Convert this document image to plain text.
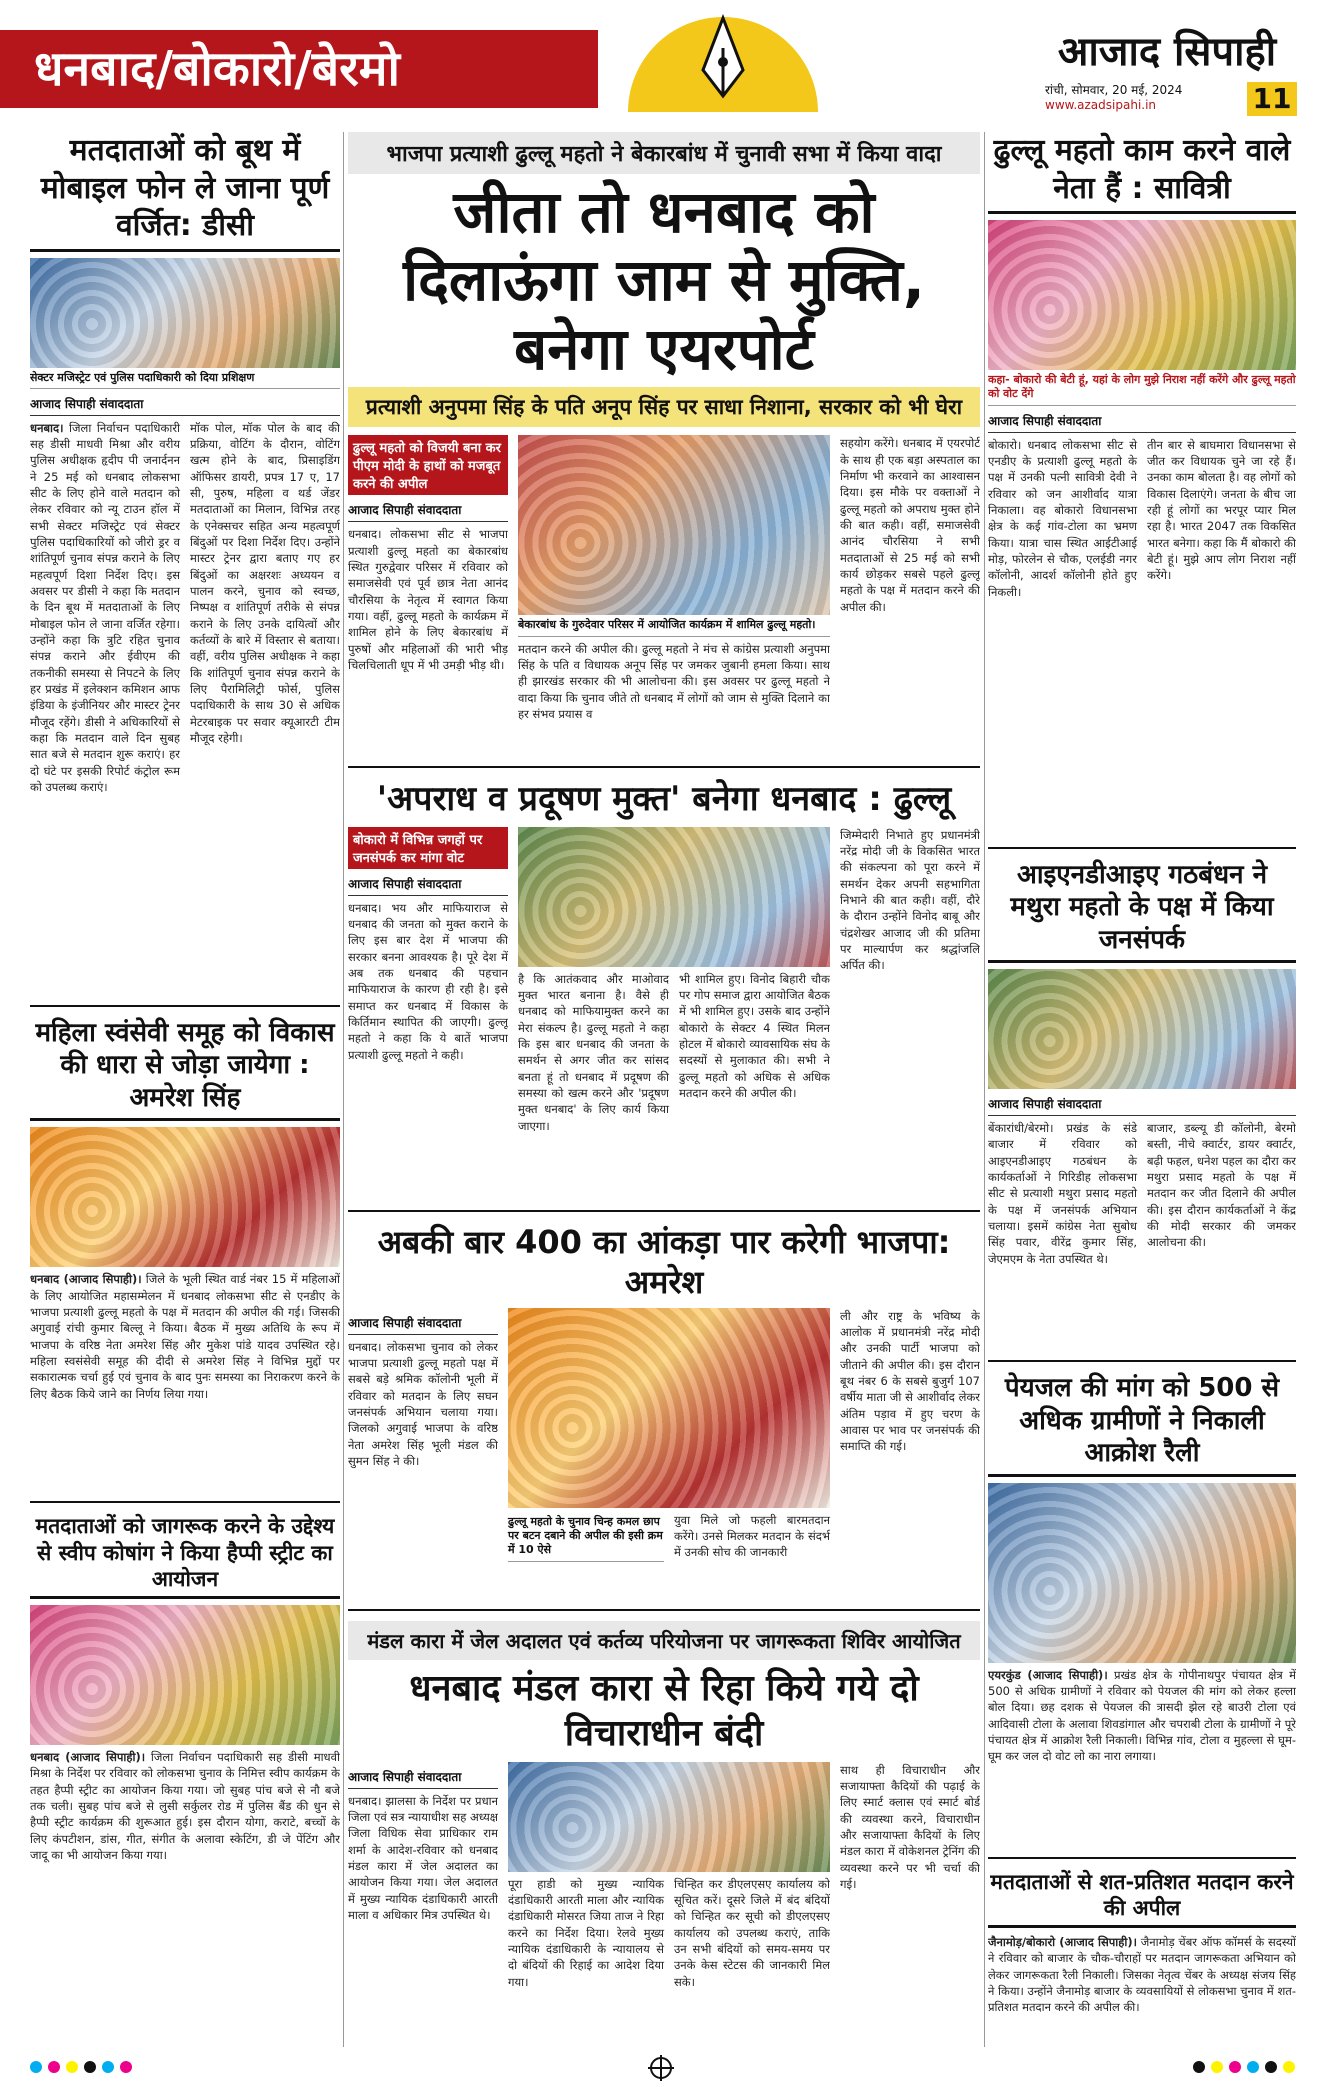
धनबाद/बोकारो/बेरमो	आजाद सिपाही
रांची, सोमवार, 20 मई, 2024
www.azadsipahi.in	11
मतदाताओं को बूथ में मोबाइल फोन ले जाना पूर्ण वर्जित: डीसी
सेक्टर मजिस्ट्रेट एवं पुलिस पदाधिकारी को दिया प्रशिक्षण
आजाद सिपाही संवाददाता
धनबाद। जिला निर्वाचन पदाधिकारी सह डीसी माधवी मिश्रा और वरीय पुलिस अधीक्षक हृदीप पी जनार्दनन ने 25 मई को धनबाद लोकसभा सीट के लिए होने वाले मतदान को लेकर रविवार को न्यू टाउन हॉल में सभी सेक्टर मजिस्ट्रेट एवं सेक्टर पुलिस पदाधिकारियों को जीरो ड्रर व शांतिपूर्ण चुनाव संपन्न कराने के लिए महत्वपूर्ण दिशा निर्देश दिए। इस अवसर पर डीसी ने कहा कि मतदान के दिन बूथ में मतदाताओं के लिए मोबाइल फोन ले जाना वर्जित रहेगा। उन्होंने कहा कि त्रुटि रहित चुनाव संपन्न कराने और ईवीएम की तकनीकी समस्या से निपटने के लिए हर प्रखंड में इलेक्शन कमिशन आफ इंडिया के इंजीनियर और मास्टर ट्रेनर मौजूद रहेंगे। डीसी ने अधिकारियों से कहा कि मतदान वाले दिन सुबह सात बजे से मतदान शुरू कराएं। हर दो घंटे पर इसकी रिपोर्ट कंट्रोल रूम को उपलब्ध कराएं।
मॉक पोल, मॉक पोल के बाद की प्रक्रिया, वोटिंग के दौरान, वोटिंग खत्म होने के बाद, प्रिसाइडिंग ऑफिसर डायरी, प्रपत्र 17 ए, 17 सी, पुरुष, महिला व थर्ड जेंडर मतदाताओं का मिलान, विभिन्न तरह के एनेक्सचर सहित अन्य महत्वपूर्ण बिंदुओं पर दिशा निर्देश दिए। उन्होंने मास्टर ट्रेनर द्वारा बताए गए हर बिंदुओं का अक्षरशः अध्ययन व पालन करने, चुनाव को स्वच्छ, निष्पक्ष व शांतिपूर्ण तरीके से संपन्न कराने के लिए उनके दायित्वों और कर्तव्यों के बारे में विस्तार से बताया। वहीं, वरीय पुलिस अधीक्षक ने कहा कि शांतिपूर्ण चुनाव संपन्न कराने के लिए पैरामिलिट्री फोर्स, पुलिस पदाधिकारी के साथ 30 से अधिक मेटरबाइक पर सवार क्यूआरटी टीम मौजूद रहेगी।
महिला स्वंसेवी समूह को विकास की धारा से जोड़ा जायेगा : अमरेश सिंह
धनबाद (आजाद सिपाही)। जिले के भूली स्थित वार्ड नंबर 15 में महिलाओं के लिए आयोजित महासम्मेलन में धनबाद लोकसभा सीट से एनडीए के भाजपा प्रत्याशी ढुल्लू महतो के पक्ष में मतदान की अपील की गई। जिसकी अगुवाई रांची कुमार बिल्लू ने किया। बैठक में मुख्य अतिथि के रूप में भाजपा के वरिष्ठ नेता अमरेश सिंह और मुकेश पांडे यादव उपस्थित रहे। महिला स्वसंसेवी समूह की दीदी से अमरेश सिंह ने विभिन्न मुद्दों पर सकारात्मक चर्चा हुई एवं चुनाव के बाद पुनः समस्या का निराकरण करने के लिए बैठक किये जाने का निर्णय लिया गया।
मतदाताओं को जागरूक करने के उद्देश्य से स्वीप कोषांग ने किया हैप्पी स्ट्रीट का आयोजन
धनबाद (आजाद सिपाही)। जिला निर्वाचन पदाधिकारी सह डीसी माधवी मिश्रा के निर्देश पर रविवार को लोकसभा चुनाव के निमित्त स्वीप कार्यक्रम के तहत हैप्पी स्ट्रीट का आयोजन किया गया। जो सुबह पांच बजे से नौ बजे तक चली। सुबह पांच बजे से लुसी सर्कुलर रोड में पुलिस बैंड की धुन से हैप्पी स्ट्रीट कार्यक्रम की शुरूआत हुई। इस दौरान योगा, कराटे, बच्चों के लिए कंपटीशन, डांस, गीत, संगीत के अलावा स्केटिंग, डी जे पेंटिंग और जादू का भी आयोजन किया गया।
भाजपा प्रत्याशी ढुल्लू महतो ने बेकारबांध में चुनावी सभा में किया वादा
जीता तो धनबाद को दिलाऊंगा जाम से मुक्ति, बनेगा एयरपोर्ट
प्रत्याशी अनुपमा सिंह के पति अनूप सिंह पर साधा निशाना, सरकार को भी घेरा
ढुल्लू महतो को विजयी बना कर पीएम मोदी के हाथों को मजबूत करने की अपील
आजाद सिपाही संवाददाता
धनबाद। लोकसभा सीट से भाजपा प्रत्याशी ढुल्लू महतो का बेकारबांध स्थित गुरुद्वेवार परिसर में रविवार को समाजसेवी एवं पूर्व छात्र नेता आनंद चौरसिया के नेतृत्व में स्वागत किया गया। वहीं, ढुल्लू महतो के कार्यक्रम में शामिल होने के लिए बेकारबांध में पुरुषों और महिलाओं की भारी भीड़ चिलचिलाती धूप में भी उमड़ी भीड़ थी।
बेकारबांध के गुरुदेवार परिसर में आयोजित कार्यक्रम में शामिल ढुल्लू महतो।
मतदान करने की अपील की। ढुल्लू महतो ने मंच से कांग्रेस प्रत्याशी अनुपमा सिंह के पति व विधायक अनूप सिंह पर जमकर जुबानी हमला किया। साथ ही झारखंड सरकार की भी आलोचना की। इस अवसर पर ढुल्लू महतो ने वादा किया कि चुनाव जीते तो धनबाद में लोगों को जाम से मुक्ति दिलाने का हर संभव प्रयास व
सहयोग करेंगे। धनबाद में एयरपोर्ट के साथ ही एक बड़ा अस्पताल का निर्माण भी करवाने का आश्वासन दिया। इस मौके पर वक्ताओं ने ढुल्लू महतो को अपराध मुक्त होने की बात कही। वहीं, समाजसेवी आनंद चौरसिया ने सभी मतदाताओं से 25 मई को सभी कार्य छोड़कर सबसे पहले ढुल्लू महतो के पक्ष में मतदान करने की अपील की।
'अपराध व प्रदूषण मुक्त' बनेगा धनबाद : ढुल्लू
बोकारो में विभिन्न जगहों पर जनसंपर्क कर मांगा वोट
आजाद सिपाही संवाददाता
धनबाद। भय और माफियाराज से धनबाद की जनता को मुक्त कराने के लिए इस बार देश में भाजपा की सरकार बनना आवश्यक है। पूरे देश में अब तक धनबाद की पहचान माफियाराज के कारण ही रही है। इसे समाप्त कर धनबाद में विकास के किर्तिमान स्थापित की जाएगी। ढुल्लू महतो ने कहा कि ये बातें भाजपा प्रत्याशी ढुल्लू महतो ने कही।
है कि आतंकवाद और माओवाद मुक्त भारत बनाना है। वैसे ही धनबाद को माफियामुक्त करने का मेरा संकल्प है। ढुल्लू महतो ने कहा कि इस बार धनबाद की जनता के समर्थन से अगर जीत कर सांसद बनता हूं तो धनबाद में प्रदूषण की समस्या को खत्म करने और 'प्रदूषण मुक्त धनबाद' के लिए कार्य किया जाएगा।
भी शामिल हुए। विनोद बिहारी चौक पर गोप समाज द्वारा आयोजित बैठक में भी शामिल हुए। उसके बाद उन्होंने बोकारो के सेक्टर 4 स्थित मिलन होटल में बोकारो व्यावसायिक संघ के सदस्यों से मुलाकात की। सभी ने ढुल्लू महतो को अधिक से अधिक मतदान करने की अपील की।
जिम्मेदारी निभाते हुए प्रधानमंत्री नरेंद्र मोदी जी के विकसित भारत की संकल्पना को पूरा करने में समर्थन देकर अपनी सहभागिता निभाने की बात कही। वहीं, दौरे के दौरान उन्होंने विनोद बाबू और चंद्रशेखर आजाद जी की प्रतिमा पर माल्यार्पण कर श्रद्धांजलि अर्पित की।
अबकी बार 400 का आंकड़ा पार करेगी भाजपा: अमरेश
आजाद सिपाही संवाददाता
धनबाद। लोकसभा चुनाव को लेकर भाजपा प्रत्याशी ढुल्लू महतो पक्ष में सबसे बड़े श्रमिक कॉलोनी भूली में रविवार को मतदान के लिए सघन जनसंपर्क अभियान चलाया गया। जिलको अगुवाई भाजपा के वरिष्ठ नेता अमरेश सिंह भूली मंडल की सुमन सिंह ने की।
ढुल्लू महतो के चुनाव चिन्ह कमल छाप पर बटन दबाने की अपील की इसी क्रम में 10 ऐसे
युवा मिले जो फहली बारमतदान करेंगे। उनसे मिलकर मतदान के संदर्भ में उनकी सोच की जानकारी
ली और राष्ट्र के भविष्य के आलोक में प्रधानमंत्री नरेंद्र मोदी और उनकी पार्टी भाजपा को जीताने की अपील की। इस दौरान बूथ नंबर 6 के सबसे बुजुर्ग 107 वर्षीय माता जी से आशीर्वाद लेकर अंतिम पड़ाव में हुए चरण के आवास पर भाव पर जनसंपर्क की समाप्ति की गई।
मंडल कारा में जेल अदालत एवं कर्तव्य परियोजना पर जागरूकता शिविर आयोजित
धनबाद मंडल कारा से रिहा किये गये दो विचाराधीन बंदी
आजाद सिपाही संवाददाता
धनबाद। झालसा के निर्देश पर प्रधान जिला एवं सत्र न्यायाधीश सह अध्यक्ष जिला विधिक सेवा प्राधिकार राम शर्मा के आदेश-रविवार को धनबाद मंडल कारा में जेल अदालत का आयोजन किया गया। जेल अदालत में मुख्य न्यायिक दंडाधिकारी आरती माला व अधिकार मित्र उपस्थित थे।
पूरा हाडी को मुख्य न्यायिक दंडाधिकारी आरती माला और न्यायिक दंडाधिकारी मोसरत जिया ताज ने रिहा करने का निर्देश दिया। रेलवे मुख्य न्यायिक दंडाधिकारी के न्यायालय से दो बंदियों की रिहाई का आदेश दिया गया।
चिन्हित कर डीएलएसए कार्यालय को सूचित करें। दूसरे जिले में बंद बंदियों को चिन्हित कर सूची को डीएलएसए कार्यालय को उपलब्ध कराएं, ताकि उन सभी बंदियों को समय-समय पर उनके केस स्टेटस की जानकारी मिल सके।
साथ ही विचाराधीन और सजायाफ्ता कैदियों की पढ़ाई के लिए स्मार्ट क्लास एवं स्मार्ट बोर्ड की व्यवस्था करने, विचाराधीन और सजायाफ्ता कैदियों के लिए मंडल कारा में वोकेशनल ट्रेनिंग की व्यवस्था करने पर भी चर्चा की गई।
ढुल्लू महतो काम करने वाले नेता हैं : सावित्री
कहा- बोकारो की बेटी हूं, यहां के लोग मुझे निराश नहीं करेंगे और ढुल्लू महतो को वोट देंगे
आजाद सिपाही संवाददाता
बोकारो। धनबाद लोकसभा सीट से एनडीए के प्रत्याशी ढुल्लू महतो के पक्ष में उनकी पत्नी सावित्री देवी ने रविवार को जन आशीर्वाद यात्रा निकाला। वह बोकारो विधानसभा क्षेत्र के कई गांव-टोला का भ्रमण किया। यात्रा चास स्थित आईटीआई मोड़, फोरलेन से चौक, एलईडी नगर कॉलोनी, आदर्श कॉलोनी होते हुए निकली।
तीन बार से बाघमारा विधानसभा से जीत कर विधायक चुने जा रहे हैं। उनका काम बोलता है। वह लोगों को विकास दिलाएंगे। जनता के बीच जा रही हूं लोगों का भरपूर प्यार मिल रहा है। भारत 2047 तक विकसित भारत बनेगा। कहा कि मैं बोकारो की बेटी हूं। मुझे आप लोग निराश नहीं करेंगे।
आइएनडीआइए गठबंधन ने मथुरा महतो के पक्ष में किया जनसंपर्क
आजाद सिपाही संवाददाता
बेंकारांधी/बेरमो। प्रखंड के संडे बाजार में रविवार को आइएनडीआइए गठबंधन के कार्यकर्ताओं ने गिरिडीह लोकसभा सीट से प्रत्याशी मथुरा प्रसाद महतो के पक्ष में जनसंपर्क अभियान चलाया। इसमें कांग्रेस नेता सुबोध सिंह पवार, वीरेंद्र कुमार सिंह, जेएमएम के नेता उपस्थित थे।
बाजार, डब्ल्यू डी कॉलोनी, बेरमो बस्ती, नीचे क्वार्टर, डायर क्वार्टर, बढ़ी फहल, धनेश पहल का दौरा कर मथुरा प्रसाद महतो के पक्ष में मतदान कर जीत दिलाने की अपील की। इस दौरान कार्यकर्ताओं ने केंद्र की मोदी सरकार की जमकर आलोचना की।
पेयजल की मांग को 500 से अधिक ग्रामीणों ने निकाली आक्रोश रैली
एयरकुंड (आजाद सिपाही)। प्रखंड क्षेत्र के गोपीनाथपुर पंचायत क्षेत्र में 500 से अधिक ग्रामीणों ने रविवार को पेयजल की मांग को लेकर हल्ला बोल दिया। छह दशक से पेयजल की त्रासदी झेल रहे बाउरी टोला एवं आदिवासी टोला के अलावा शिवडांगाल और चपराबी टोला के ग्रामीणों ने पूरे पंचायत क्षेत्र में आक्रोश रैली निकाली। विभिन्न गांव, टोला व मुहल्ला से घूम-घूम कर जल दो वोट लो का नारा लगाया।
मतदाताओं से शत-प्रतिशत मतदान करने की अपील
जैनामोड़/बोकारो (आजाद सिपाही)। जैनामोड़ चेंबर ऑफ कॉमर्स के सदस्यों ने रविवार को बाजार के चौक-चौराहों पर मतदान जागरूकता अभियान को लेकर जागरूकता रैली निकाली। जिसका नेतृत्व चेंबर के अध्यक्ष संजय सिंह ने किया। उन्होंने जैनामोड़ बाजार के व्यवसायियों से लोकसभा चुनाव में शत-प्रतिशत मतदान करने की अपील की।
